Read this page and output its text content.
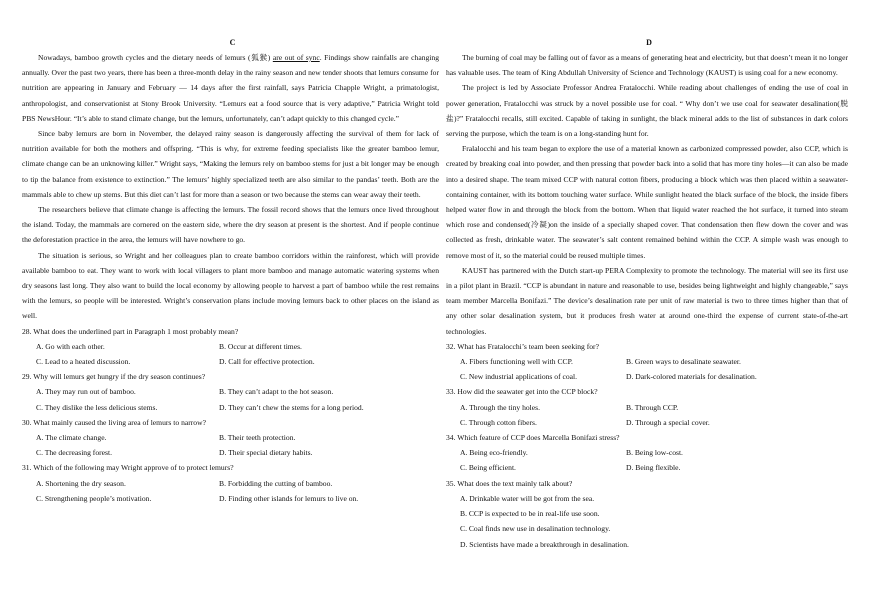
C

Nowadays, bamboo growth cycles and the dietary needs of lemurs (狐猴) are out of sync. Findings show rainfalls are changing annually. Over the past two years, there has been a three-month delay in the rainy season and new tender shoots that lemurs consume for nutrition are appearing in January and February — 14 days after the first rainfall, says Patricia Chapple Wright, a primatologist, anthropologist, and conservationist at Stony Brook University. “Lemurs eat a food source that is very adaptive,” Patricia Wright told PBS NewsHour. “It’s able to stand climate change, but the lemurs, unfortunately, can’t adapt quickly to this changed cycle.”

Since baby lemurs are born in November, the delayed rainy season is dangerously affecting the survival of them for lack of nutrition available for both the mothers and offspring. “This is why, for extreme feeding specialists like the greater bamboo lemur, climate change can be an unknowing killer.” Wright says, “Making the lemurs rely on bamboo stems for just a bit longer may be enough to tip the balance from existence to extinction.” The lemurs’ highly specialized teeth are also similar to the pandas’ teeth. Both are the mammals able to chew up stems. But this diet can’t last for more than a season or two because the stems can wear away their teeth.

The researchers believe that climate change is affecting the lemurs. The fossil record shows that the lemurs once lived throughout the island. Today, the mammals are cornered on the eastern side, where the dry season at present is the shortest. And if people continue the deforestation practice in the area, the lemurs will have nowhere to go.

The situation is serious, so Wright and her colleagues plan to create bamboo corridors within the rainforest, which will provide available bamboo to eat. They want to work with local villagers to plant more bamboo and manage automatic watering systems when dry seasons last long. They also want to build the local economy by allowing people to harvest a part of bamboo while the rest remains with the lemurs, so people will be interested. Wright’s conservation plans include moving lemurs back to other places on the island as well.

28. What does the underlined part in Paragraph 1 most probably mean?
A. Go with each other.	B. Occur at different times.
C. Lead to a heated discussion.	D. Call for effective protection.
29. Why will lemurs get hungry if the dry season continues?
A. They may run out of bamboo.	B. They can’t adapt to the hot season.
C. They dislike the less delicious stems.	D. They can’t chew the stems for a long period.
30. What mainly caused the living area of lemurs to narrow?
A. The climate change.	B. Their teeth protection.
C. The decreasing forest.	D. Their special dietary habits.
31. Which of the following may Wright approve of to protect lemurs?
A. Shortening the dry season.	B. Forbidding the cutting of bamboo.
C. Strengthening people’s motivation.	D. Finding other islands for lemurs to live on.
D

The burning of coal may be falling out of favor as a means of generating heat and electricity, but that doesn’t mean it no longer has valuable uses. The team of King Abdullah University of Science and Technology (KAUST) is using coal for a new economy.

The project is led by Associate Professor Andrea Fratalocchi. While reading about challenges of ending the use of coal in power generation, Fratalocchi was struck by a novel possible use for coal. “ Why don’t we use coal for seawater desalination(脱盐)?” Fratalocchi recalls, still excited. Capable of taking in sunlight, the black mineral adds to the list of substances in dark colors serving the purpose, which the team is on a long-standing hunt for.

Fralalocchi and his team began to explore the use of a material known as carbonized compressed powder, also CCP, which is created by breaking coal into powder, and then pressing that powder back into a solid that has more tiny holes—it can also be made into a desired shape. The team mixed CCP with natural cotton fibers, producing a block which was then placed within a seawater-containing container, with its bottom touching water surface. While sunlight heated the black surface of the block, the inside fibers helped water flow in and through the block from the bottom. When that liquid water reached the hot surface, it turned into steam which rose and condensed(冷凝)on the inside of a specially shaped cover. That condensation then flew down the cover and was collected as fresh, drinkable water. The seawater’s salt content remained behind within the CCP. A simple wash was enough to remove most of it, so the material could be reused multiple times.

KAUST has partnered with the Dutch start-up PERA Complexity to promote the technology. The material will see its first use in a pilot plant in Brazil. “CCP is abundant in nature and reasonable to use, besides being lightweight and highly changeable,” says team member Marcella Bonifazi.” The device’s desalination rate per unit of raw material is two to three times higher than that of any other solar desalination system, but it produces fresh water at around one-third the expense of current state-of-the-art technologies.

32. What has Fratalocchi’s team been seeking for?
A. Fibers functioning well with CCP.	B. Green ways to desalinate seawater.
C. New industrial applications of coal.	D. Dark-colored materials for desalination.
33. How did the seawater get into the CCP block?
A. Through the tiny holes.	B. Through CCP.
C. Through cotton fibers.	D. Through a special cover.
34. Which feature of CCP does Marcella Bonifazi stress?
A. Being eco-friendly.	B. Being low-cost.
C. Being efficient.	D. Being flexible.
35. What does the text mainly talk about?
A. Drinkable water will be got from the sea.
B. CCP is expected to be in real-life use soon.
C. Coal finds new use in desalination technology.
D. Scientists have made a breakthrough in desalination.
